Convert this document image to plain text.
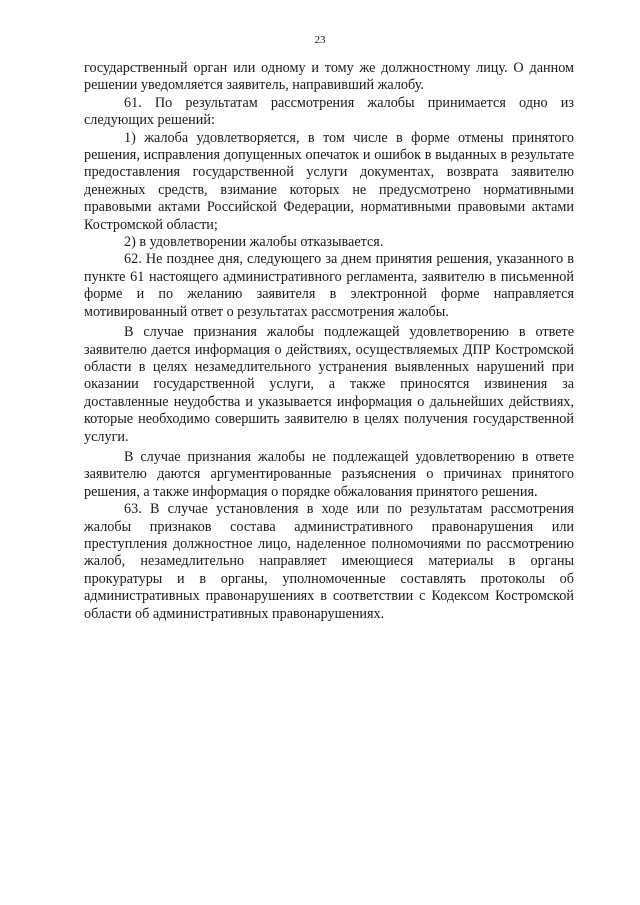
23

государственный орган или одному и тому же должностному лицу. О данном решении уведомляется заявитель, направивший жалобу.

61. По результатам рассмотрения жалобы принимается одно из следующих решений:

1) жалоба удовлетворяется, в том числе в форме отмены принятого решения, исправления допущенных опечаток и ошибок в выданных в результате предоставления государственной услуги документах, возврата заявителю денежных средств, взимание которых не предусмотрено нормативными правовыми актами Российской Федерации, нормативными правовыми актами Костромской области;

2) в удовлетворении жалобы отказывается.

62. Не позднее дня, следующего за днем принятия решения, указанного в пункте 61 настоящего административного регламента, заявителю в письменной форме и по желанию заявителя в электронной форме направляется мотивированный ответ о результатах рассмотрения жалобы.

В случае признания жалобы подлежащей удовлетворению в ответе заявителю дается информация о действиях, осуществляемых ДПР Костромской области в целях незамедлительного устранения выявленных нарушений при оказании государственной услуги, а также приносятся извинения за доставленные неудобства и указывается информация о дальнейших действиях, которые необходимо совершить заявителю в целях получения государственной услуги.

В случае признания жалобы не подлежащей удовлетворению в ответе заявителю даются аргументированные разъяснения о причинах принятого решения, а также информация о порядке обжалования принятого решения.

63. В случае установления в ходе или по результатам рассмотрения жалобы признаков состава административного правонарушения или преступления должностное лицо, наделенное полномочиями по рассмотрению жалоб, незамедлительно направляет имеющиеся материалы в органы прокуратуры и в органы, уполномоченные составлять протоколы об административных правонарушениях в соответствии с Кодексом Костромской области об административных правонарушениях.
